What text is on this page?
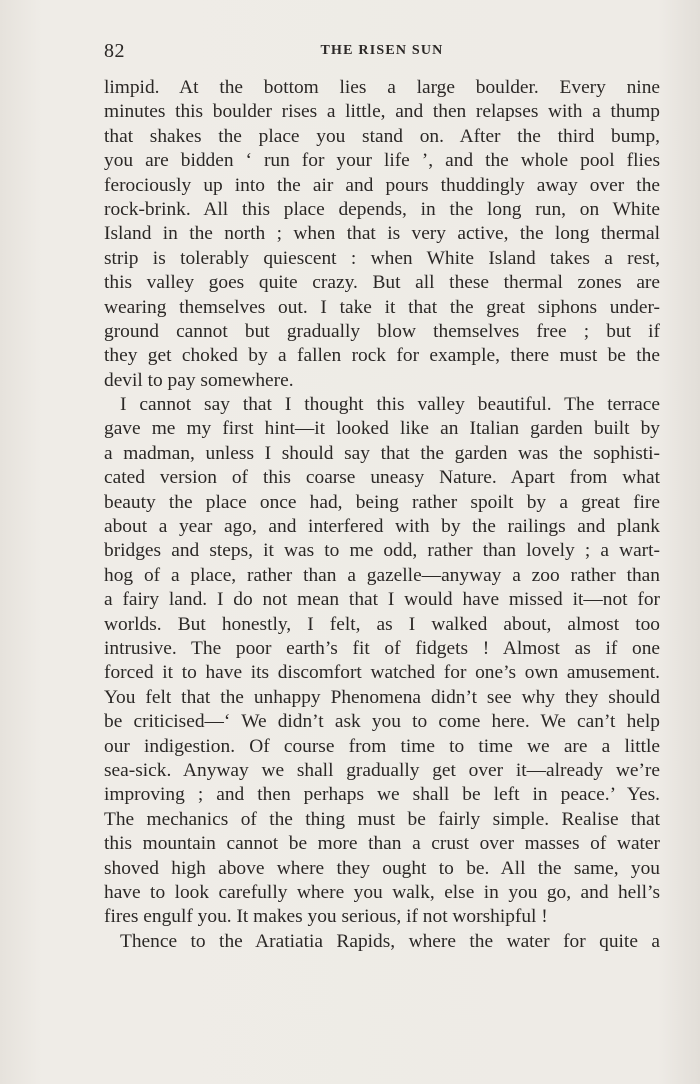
82	THE RISEN SUN
limpid. At the bottom lies a large boulder. Every nine
minutes this boulder rises a little, and then relapses with a thump
that shakes the place you stand on. After the third bump,
you are bidden ‘ run for your life ’, and the whole pool flies
ferociously up into the air and pours thuddingly away over the
rock-brink. All this place depends, in the long run, on White
Island in the north ; when that is very active, the long thermal
strip is tolerably quiescent : when White Island takes a rest,
this valley goes quite crazy. But all these thermal zones are
wearing themselves out. I take it that the great siphons under-
ground cannot but gradually blow themselves free ; but if
they get choked by a fallen rock for example, there must be the
devil to pay somewhere.
I cannot say that I thought this valley beautiful. The terrace
gave me my first hint—it looked like an Italian garden built by
a madman, unless I should say that the garden was the sophisti-
cated version of this coarse uneasy Nature. Apart from what
beauty the place once had, being rather spoilt by a great fire
about a year ago, and interfered with by the railings and plank
bridges and steps, it was to me odd, rather than lovely ; a wart-
hog of a place, rather than a gazelle—anyway a zoo rather than
a fairy land. I do not mean that I would have missed it—not for
worlds. But honestly, I felt, as I walked about, almost too
intrusive. The poor earth’s fit of fidgets ! Almost as if one
forced it to have its discomfort watched for one’s own amusement.
You felt that the unhappy Phenomena didn’t see why they should
be criticised—‘ We didn’t ask you to come here. We can’t help
our indigestion. Of course from time to time we are a little
sea-sick. Anyway we shall gradually get over it—already we’re
improving ; and then perhaps we shall be left in peace.’ Yes.
The mechanics of the thing must be fairly simple. Realise that
this mountain cannot be more than a crust over masses of water
shoved high above where they ought to be. All the same, you
have to look carefully where you walk, else in you go, and hell’s
fires engulf you. It makes you serious, if not worshipful !
Thence to the Aratiatia Rapids, where the water for quite a
